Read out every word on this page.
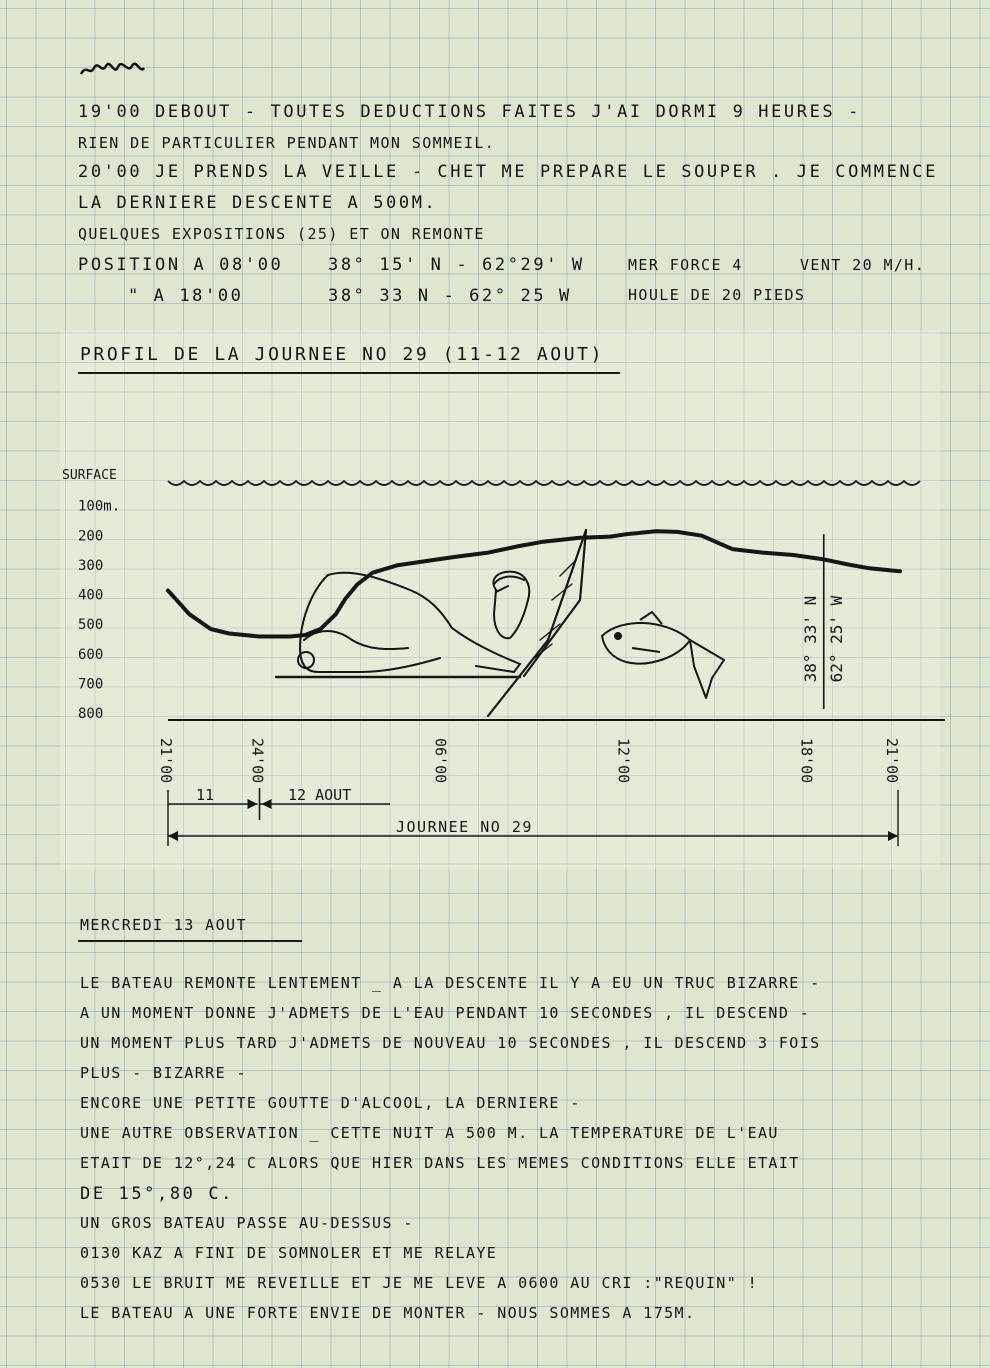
19'00 DEBOUT - TOUTES DEDUCTIONS FAITES J'AI DORMI 9 HEURES -
RIEN DE PARTICULIER PENDANT MON SOMMEIL.
20'00 JE PRENDS LA VEILLE - CHET ME PREPARE LE SOUPER . JE COMMENCE
LA DERNIERE DESCENTE A 500M.
QUELQUES EXPOSITIONS (25) ET ON REMONTE
POSITION A 08'00	38° 15' N - 62°29' W	MER FORCE 4	VENT 20 M/H.
" A 18'00	38° 33 N - 62° 25 W	HOULE DE 20 PIEDS
PROFIL DE LA JOURNEE NO 29 (11-12 AOUT)
SURFACE
100m.
200
300
400
500
600
700
800
21'00	24'00	06'00	12'00	18'00	21'00
38° 33' N 62° 25' W
11	12 AOUT
JOURNEE NO 29
MERCREDI 13 AOUT
LE BATEAU REMONTE LENTEMENT _ A LA DESCENTE IL Y A EU UN TRUC BIZARRE -
A UN MOMENT DONNE J'ADMETS DE L'EAU PENDANT 10 SECONDES , IL DESCEND -
UN MOMENT PLUS TARD J'ADMETS DE NOUVEAU 10 SECONDES , IL DESCEND 3 FOIS
PLUS - BIZARRE -
ENCORE UNE PETITE GOUTTE D'ALCOOL, LA DERNIERE -
UNE AUTRE OBSERVATION _ CETTE NUIT A 500 M. LA TEMPERATURE DE L'EAU
ETAIT DE 12°,24 C ALORS QUE HIER DANS LES MEMES CONDITIONS ELLE ETAIT
DE 15°,80 C.
UN GROS BATEAU PASSE AU-DESSUS -
0130 KAZ A FINI DE SOMNOLER ET ME RELAYE
0530 LE BRUIT ME REVEILLE ET JE ME LEVE A 0600 AU CRI :"REQUIN" !
LE BATEAU A UNE FORTE ENVIE DE MONTER - NOUS SOMMES A 175M.
